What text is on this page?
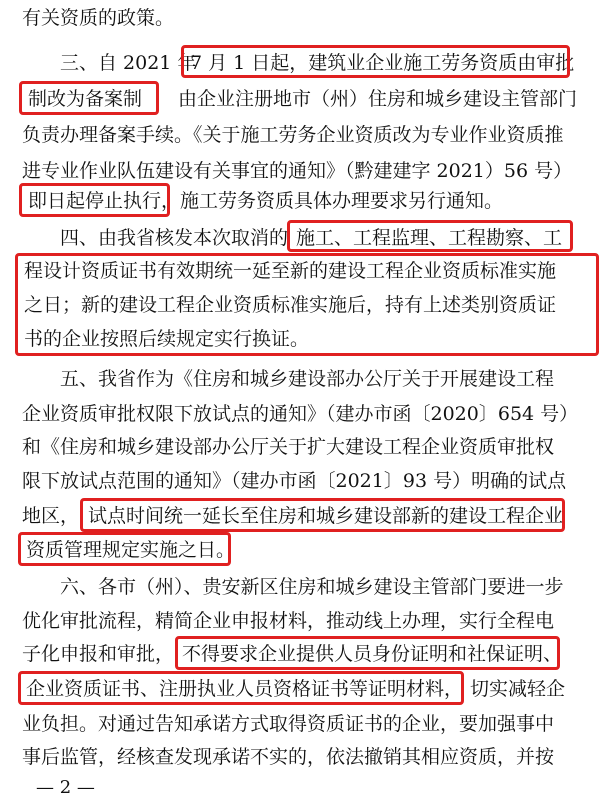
有关资质的政策。
三、自 2021 年
7 月 1 日起，建筑业企业施工劳务资质由审批
制改为备案制 由企业注册地市（州）住房和城乡建设主管部门
负责办理备案手续。《关于施工劳务企业资质改为专业作业资质推
进专业作业队伍建设有关事宜的通知》（黔建建字 2021）56 号）
即日起停止执行， 施工劳务资质具体办理要求另行通知。
四、由我省核发本次取消的 施工、工程监理、工程勘察、工
程设计资质证书有效期统一延至新的建设工程企业资质标准实施
之日；新的建设工程企业资质标准实施后，持有上述类别资质证
书的企业按照后续规定实行换证。
五、我省作为《住房和城乡建设部办公厅关于开展建设工程
企业资质审批权限下放试点的通知》（建办市函〔2020〕654 号）
和《住房和城乡建设部办公厅关于扩大建设工程企业资质审批权
限下放试点范围的通知》（建办市函〔2021〕93 号）明确的试点
地区， 试点时间统一延长至住房和城乡建设部新的建设工程企业
资质管理规定实施之日。
六、各市（州）、贵安新区住房和城乡建设主管部门要进一步
优化审批流程，精简企业申报材料，推动线上办理，实行全程电
子化申报和审批， 不得要求企业提供人员身份证明和社保证明、
企业资质证书、注册执业人员资格证书等证明材料， 切实减轻企
业负担。对通过告知承诺方式取得资质证书的企业，要加强事中
事后监管，经核查发现承诺不实的，依法撤销其相应资质，并按
— 2 —
